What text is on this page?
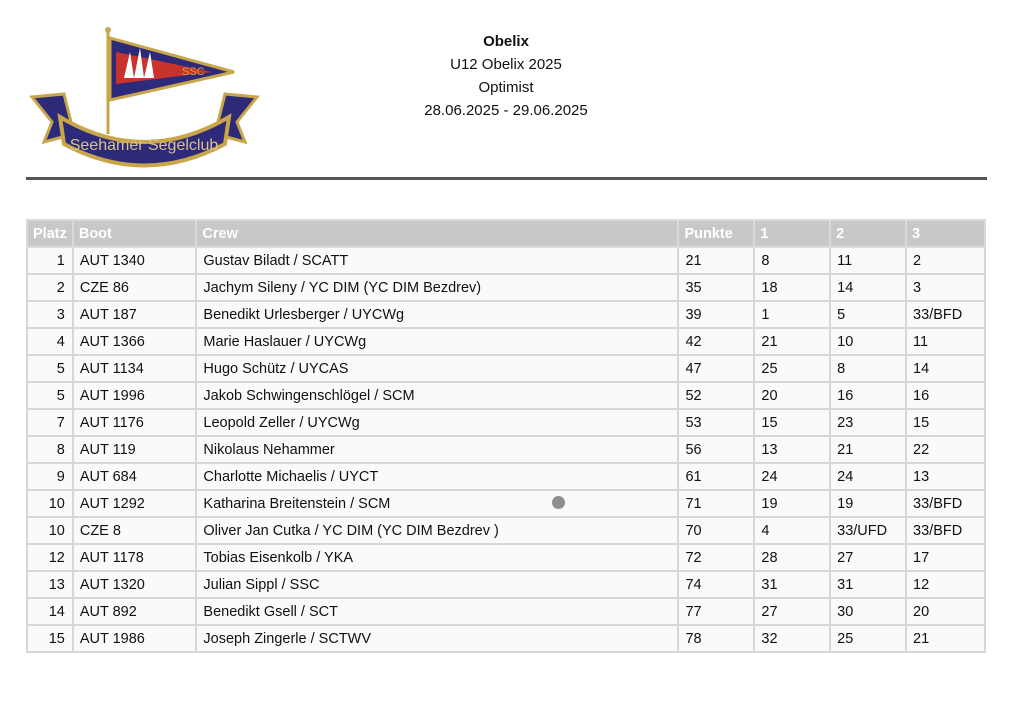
SSC
Seehamer Segelclub
Obelix
U12 Obelix 2025
Optimist
28.06.2025 - 29.06.2025
Platz	Boot	Crew	Punkte	1	2	3
1	AUT 1340	Gustav Biladt / SCATT	21	8	11	2
2	CZE 86	Jachym Sileny / YC DIM (YC DIM Bezdrev)	35	18	14	3
3	AUT 187	Benedikt Urlesberger / UYCWg	39	1	5	33/BFD
4	AUT 1366	Marie Haslauer / UYCWg	42	21	10	11
5	AUT 1134	Hugo Schütz / UYCAS	47	25	8	14
5	AUT 1996	Jakob Schwingenschlögel / SCM	52	20	16	16
7	AUT 1176	Leopold Zeller / UYCWg	53	15	23	15
8	AUT 119	Nikolaus Nehammer	56	13	21	22
9	AUT 684	Charlotte Michaelis / UYCT	61	24	24	13
10	AUT 1292	Katharina Breitenstein / SCM	71	19	19	33/BFD
10	CZE 8	Oliver Jan Cutka / YC DIM (YC DIM Bezdrev )	70	4	33/UFD	33/BFD
12	AUT 1178	Tobias Eisenkolb / YKA	72	28	27	17
13	AUT 1320	Julian Sippl / SSC	74	31	31	12
14	AUT 892	Benedikt Gsell / SCT	77	27	30	20
15	AUT 1986	Joseph Zingerle / SCTWV	78	32	25	21
